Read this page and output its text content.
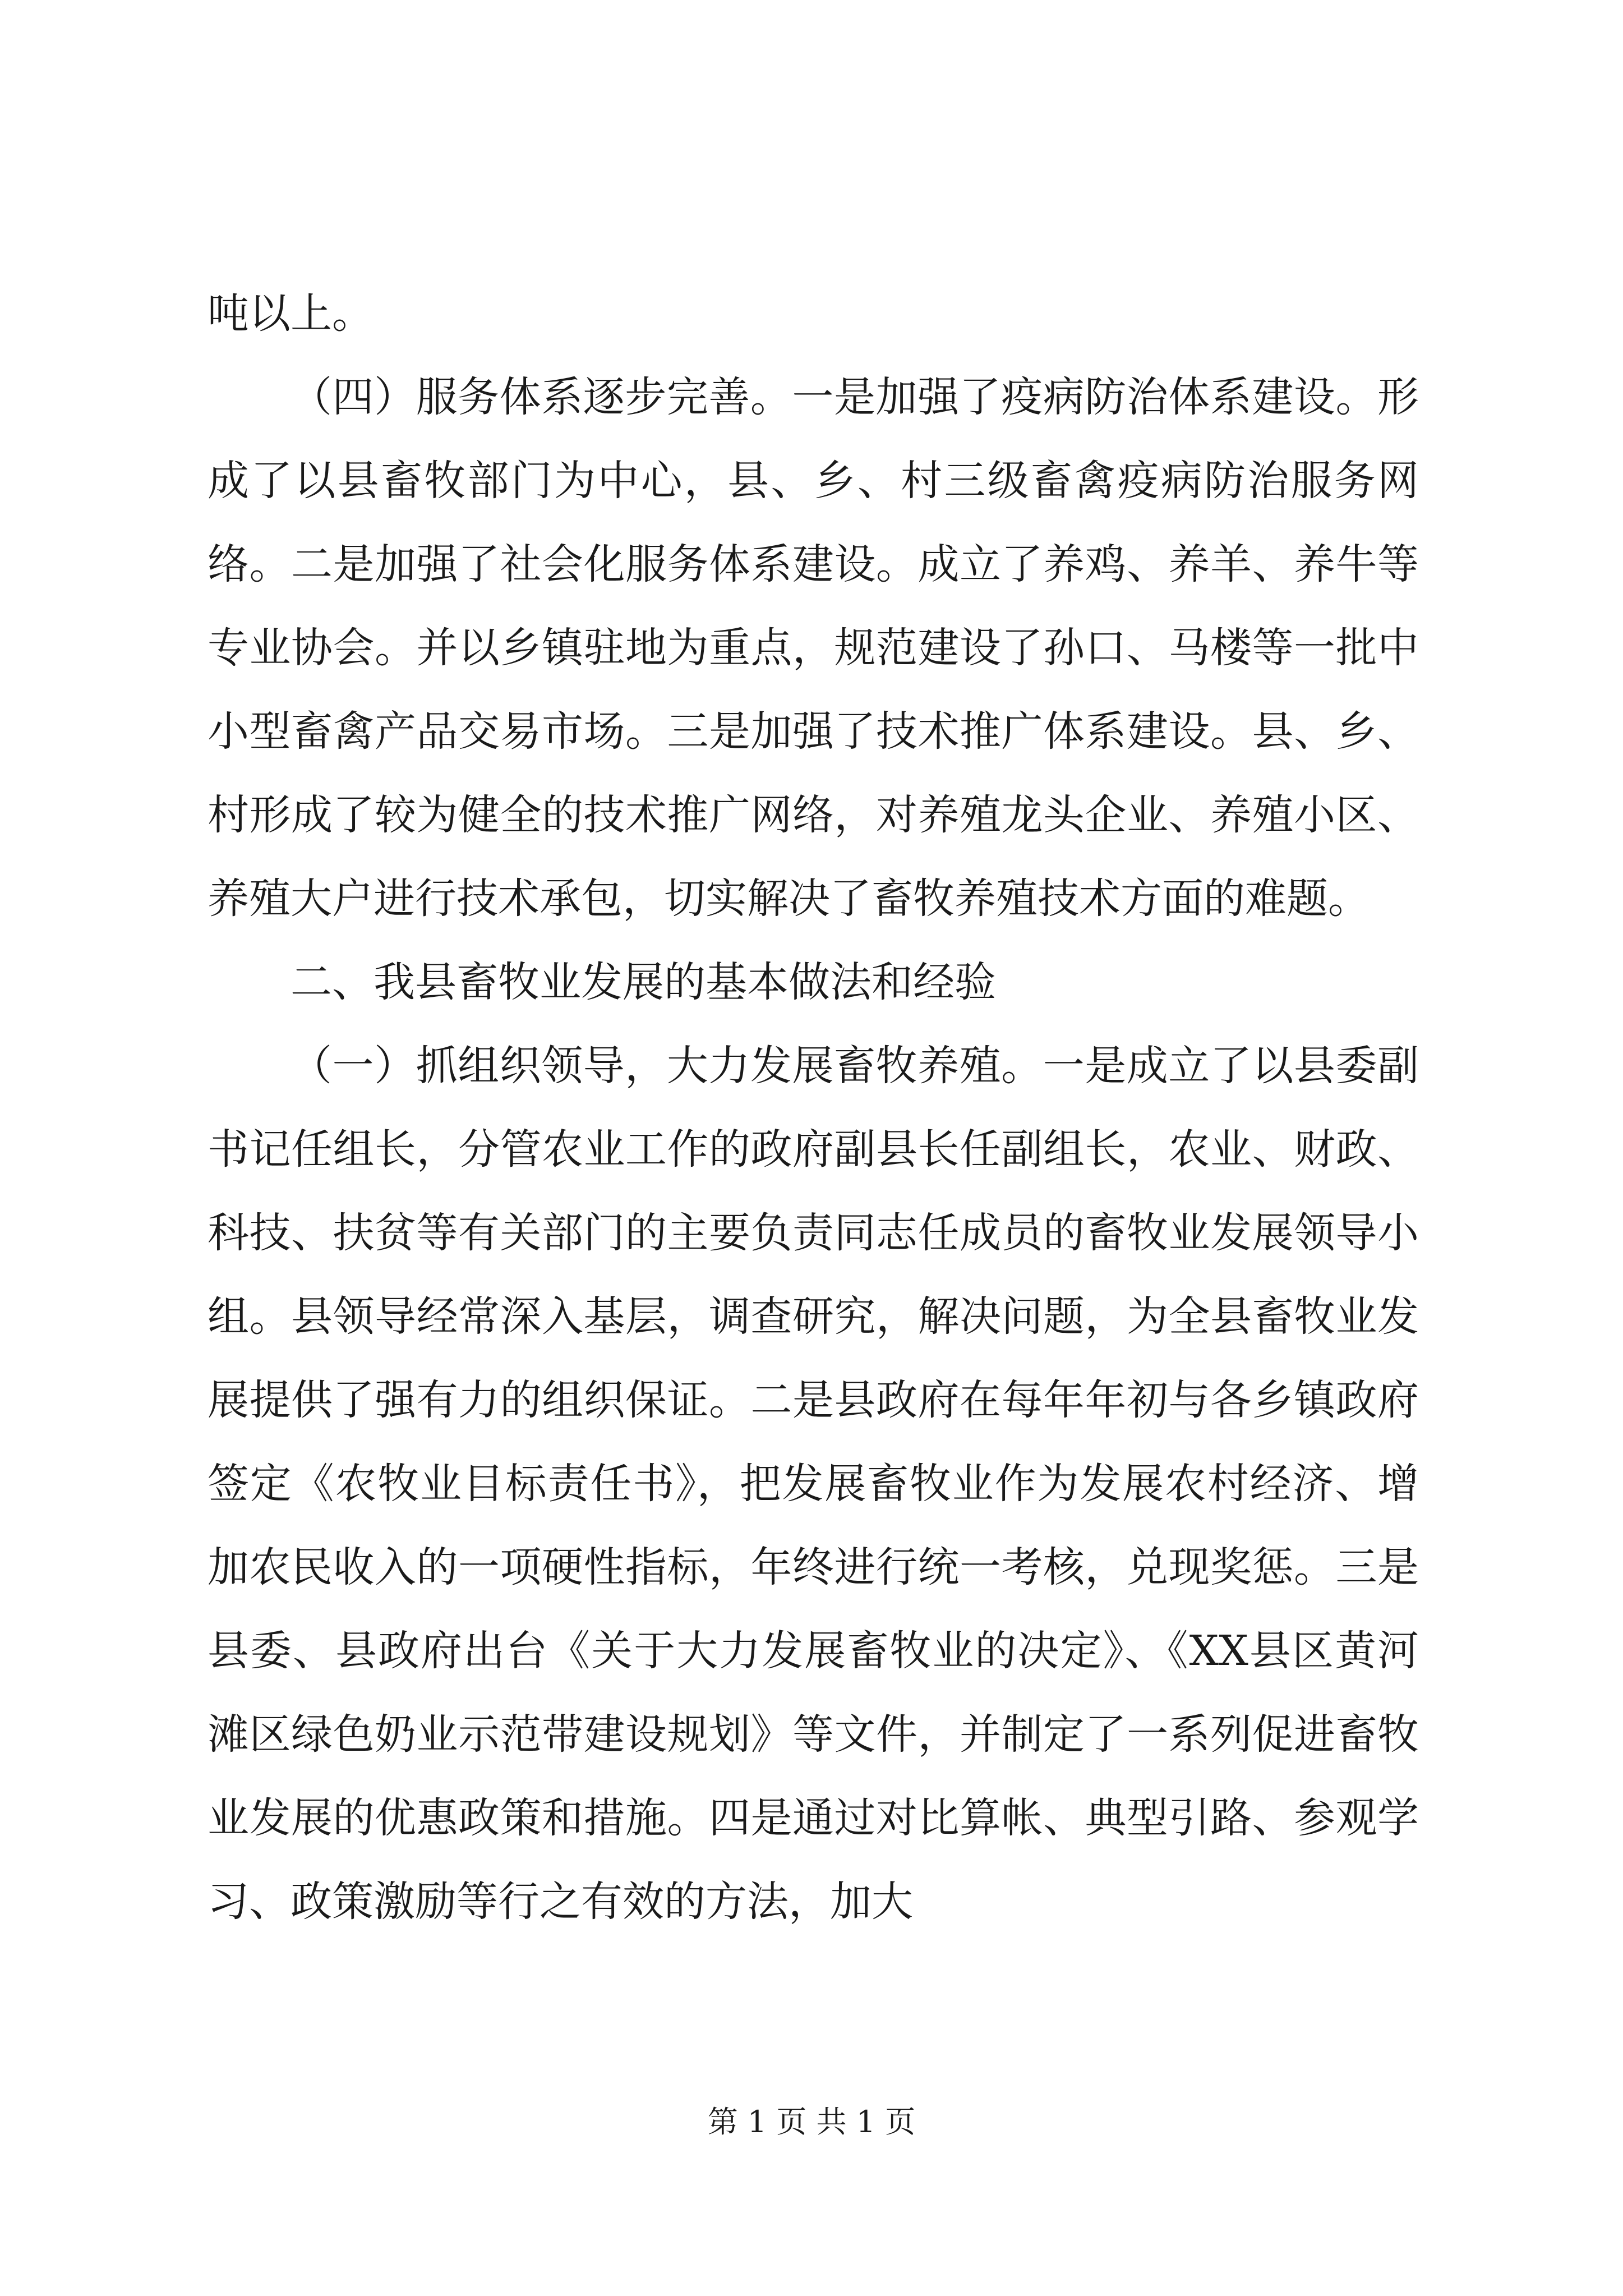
吨以上。

（四）服务体系逐步完善。一是加强了疫病防治体系建设。形成了以县畜牧部门为中心，县、乡、村三级畜禽疫病防治服务网络。二是加强了社会化服务体系建设。成立了养鸡、养羊、养牛等专业协会。并以乡镇驻地为重点，规范建设了孙口、马楼等一批中小型畜禽产品交易市场。三是加强了技术推广体系建设。县、乡、村形成了较为健全的技术推广网络，对养殖龙头企业、养殖小区、养殖大户进行技术承包，切实解决了畜牧养殖技术方面的难题。

二、我县畜牧业发展的基本做法和经验

（一）抓组织领导，大力发展畜牧养殖。一是成立了以县委副书记任组长，分管农业工作的政府副县长任副组长，农业、财政、科技、扶贫等有关部门的主要负责同志任成员的畜牧业发展领导小组。县领导经常深入基层，调查研究，解决问题，为全县畜牧业发展提供了强有力的组织保证。二是县政府在每年年初与各乡镇政府签定《农牧业目标责任书》，把发展畜牧业作为发展农村经济、增加农民收入的一项硬性指标，年终进行统一考核，兑现奖惩。三是县委、县政府出台《关于大力发展畜牧业的决定》、《XX县区黄河滩区绿色奶业示范带建设规划》等文件，并制定了一系列促进畜牧业发展的优惠政策和措施。四是通过对比算帐、典型引路、参观学习、政策激励等行之有效的方法，加大

第 1 页 共 1 页
